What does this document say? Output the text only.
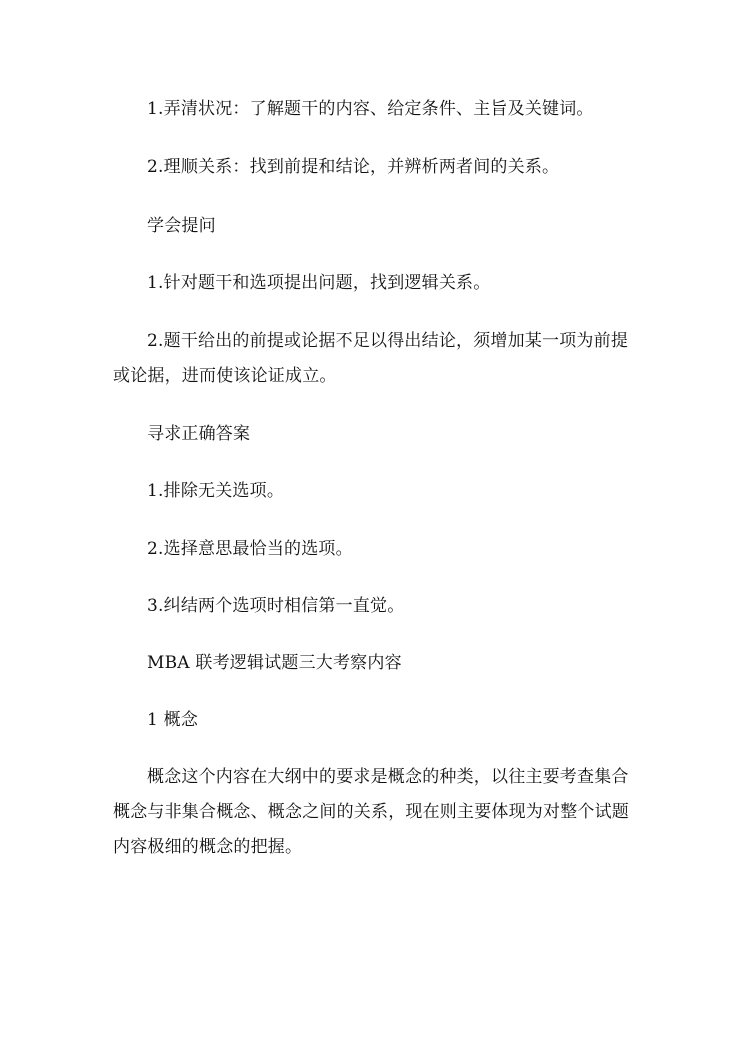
1.弄清状况：了解题干的内容、给定条件、主旨及关键词。

2.理顺关系：找到前提和结论，并辨析两者间的关系。

学会提问

1.针对题干和选项提出问题，找到逻辑关系。

2.题干给出的前提或论据不足以得出结论，须增加某一项为前提或论据，进而使该论证成立。

寻求正确答案

1.排除无关选项。

2.选择意思最恰当的选项。

3.纠结两个选项时相信第一直觉。

MBA 联考逻辑试题三大考察内容

1 概念

概念这个内容在大纲中的要求是概念的种类，以往主要考查集合概念与非集合概念、概念之间的关系，现在则主要体现为对整个试题内容极细的概念的把握。
